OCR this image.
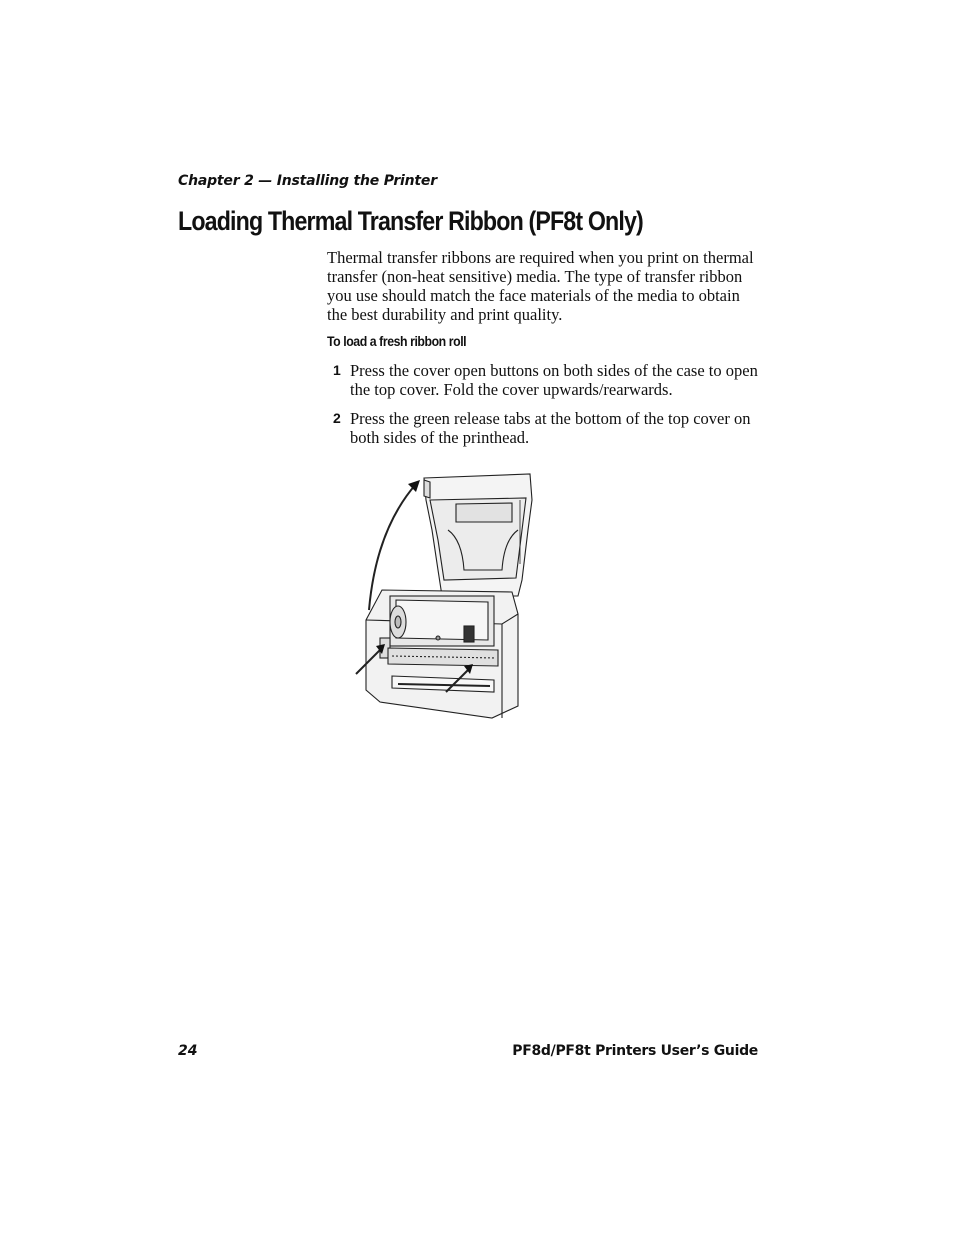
Chapter 2 — Installing the Printer
Loading Thermal Transfer Ribbon (PF8t Only)

Thermal transfer ribbons are required when you print on thermal transfer (non-heat sensitive) media. The type of transfer ribbon you use should match the face materials of the media to obtain the best durability and print quality.

To load a fresh ribbon roll
1 Press the cover open buttons on both sides of the case to open the top cover. Fold the cover upwards/rearwards.

2 Press the green release tabs at the bottom of the top cover on both sides of the printhead.

24	PF8d/PF8t Printers User’s Guide
